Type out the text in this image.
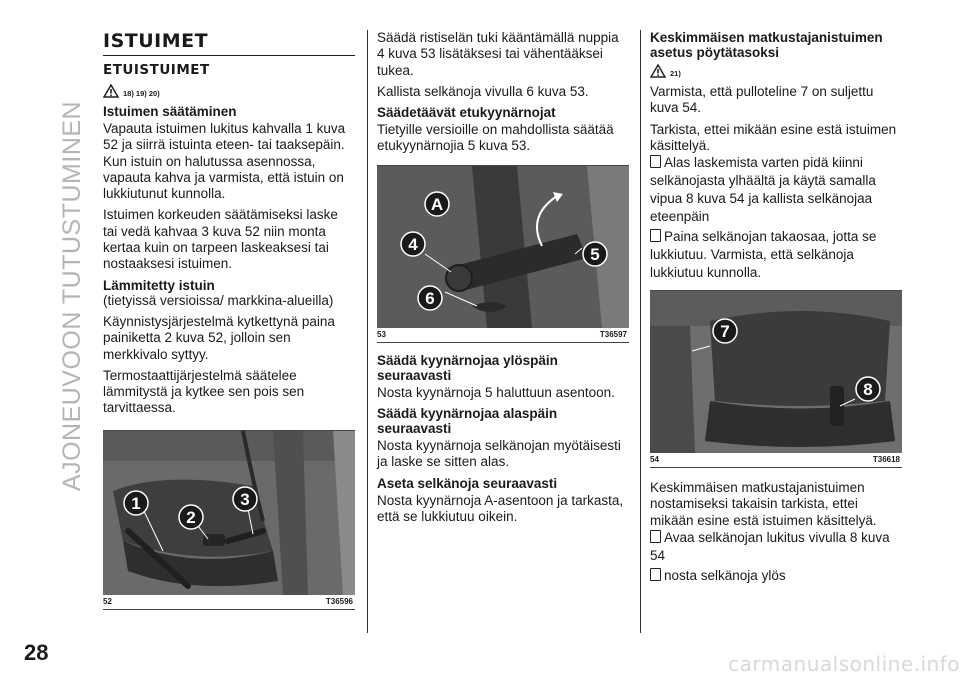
AJONEUVOON TUTUSTUMINEN
ISTUIMET
ETUISTUIMET
18) 19) 20)
Istuimen säätäminen

Vapauta istuimen lukitus kahvalla 1 kuva 52 ja siirrä istuinta eteen- tai taaksepäin. Kun istuin on halutussa asennossa, vapauta kahva ja varmista, että istuin on lukkiutunut kunnolla.

Istuimen korkeuden säätämiseksi laske tai vedä kahvaa 3 kuva 52 niin monta kertaa kuin on tarpeen laskeaksesi tai nostaaksesi istuimen.

Lämmitetty istuin

(tietyissä versioissa/ markkina-alueilla)

Käynnistysjärjestelmä kytkettynä paina painiketta 2 kuva 52, jolloin sen merkkivalo syttyy.

Termostaattijärjestelmä säätelee lämmitystä ja kytkee sen pois sen tarvittaessa.

1
2
3
52	T36596

Säädä ristiselän tuki kääntämällä nuppia 4 kuva 53 lisätäksesi tai vähentääksei tukea.

Kallista selkänoja vivulla 6 kuva 53.

Säädetäävät etukyynärnojat

Tietyille versioille on mahdollista säätää etukyynärnojia 5 kuva 53.

A
4
5
6
53	T36597
Säädä kyynärnojaa ylöspäin seuraavasti

Nosta kyynärnoja 5 haluttuun asentoon.

Säädä kyynärnojaa alaspäin seuraavasti

Nosta kyynärnoja selkänojan myötäisesti ja laske se sitten alas.

Aseta selkänoja seuraavasti

Nosta kyynärnoja A-asentoon ja tarkasta, että se lukkiutuu oikein.

Keskimmäisen matkustajanistuimen asetus pöytätasoksi
21)

Varmista, että pulloteline 7 on suljettu kuva 54.

Tarkista, ettei mikään esine estä istuimen käsittelyä.

Alas laskemista varten pidä kiinni selkänojasta ylhäältä ja käytä samalla vipua 8 kuva 54 ja kallista selkänojaa eteenpäin
Paina selkänojan takaosaa, jotta se lukkiutuu. Varmista, että selkänoja lukkiutuu kunnolla.
7
8
54	T36618

Keskimmäisen matkustajanistuimen nostamiseksi takaisin tarkista, ettei mikään esine estä istuimen käsittelyä.

Avaa selkänojan lukitus vivulla 8 kuva 54
nosta selkänoja ylös
28	carmanualsonline.info
